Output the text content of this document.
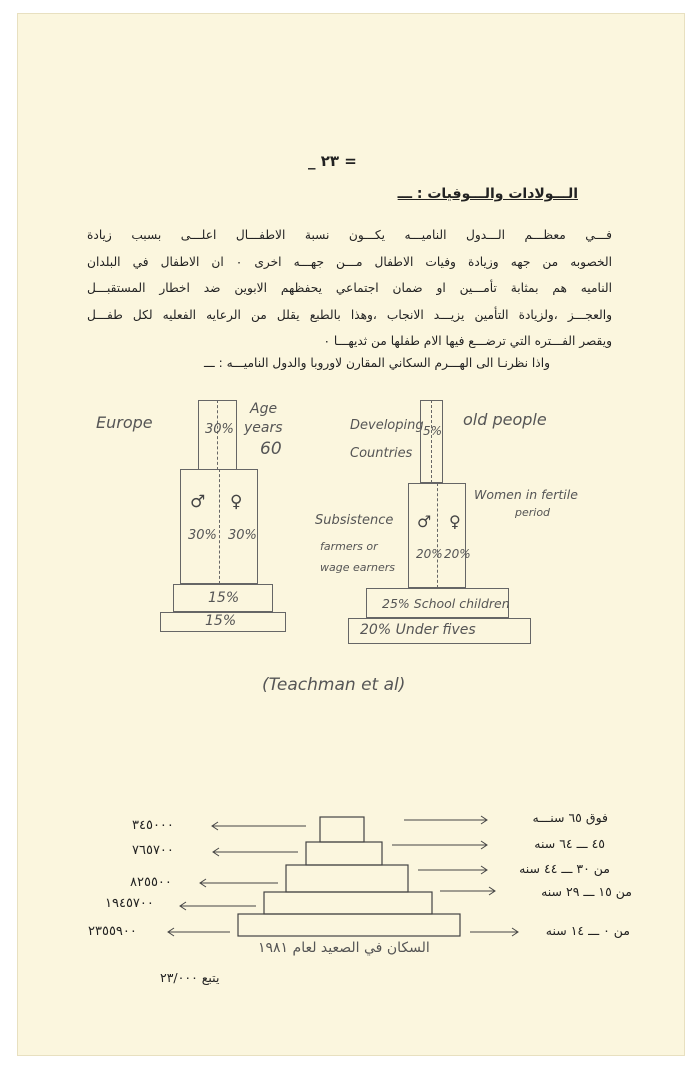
_ ٢٣ =
الـــولادات والـــوفيات : ـــ
فـــي معظـــم الـــدول الناميـــه يكـــون نسبة الاطفـــال اعلـــى بسبب زيادة
الخصوبه من جهه وزيادة وفيات الاطفال مـــن جهـــه اخرى ٠ ان الاطفال في البلدان
الناميه هم بمثابة تأمـــين او ضمان اجتماعي يحفظهم الابوين ضد اخطار المستقبـــل
والعجـــز ،ولزيادة التأمين يزيـــد الانجاب ،وهذا بالطبع يقلل من الرعايه الفعليه لكل طفـــل
ويقصر الفـــتره التي ترضـــع فيها الام طفلها من ثديهـــا ٠
واذا نظرنـا الى الهـــرم السكاني المقارن لاوروبا والدول الناميـــه : ـــ
Europe	30%
Age
years
60
♂ ♀
30% 30%
15%
15%
Developing
Countries
5%
old people
♂ ♀
20% 20%
Women in fertile
period
Subsistence
farmers or
wage earners
25% School children
20% Under fives
(Teachman et al)
٣٤٥٠٠٠
٧٦٥٧٠٠
٨٢٥٥٠٠
١٩٤٥٧٠٠
٢٣٥٥٩٠٠
فوق ٦٥ سنـــه
٤٥ ـــ ٦٤ سنه
من ٣٠ ـــ ٤٤ سنه
من ١٥ ـــ ٢٩ سنه
من ٠ ـــ ١٤ سنه
السكان في الصعيد لعام ١٩٨١
يتبع ٢٣/٠٠٠
